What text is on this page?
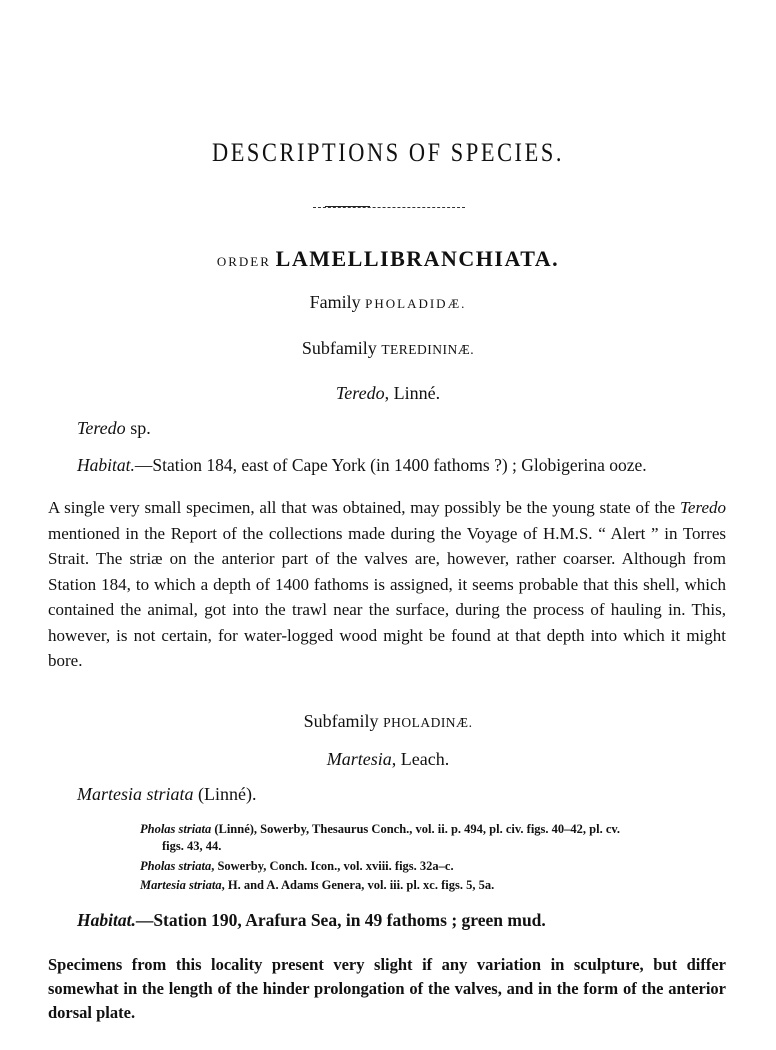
DESCRIPTIONS OF SPECIES.
ORDER LAMELLIBRANCHIATA.
Family PHOLADIDÆ.
Subfamily TEREDININÆ.
Teredo, Linné.
Teredo sp.
Habitat.—Station 184, east of Cape York (in 1400 fathoms ?) ; Globigerina ooze.
A single very small specimen, all that was obtained, may possibly be the young state of the Teredo mentioned in the Report of the collections made during the Voyage of H.M.S. “ Alert ” in Torres Strait. The striæ on the anterior part of the valves are, however, rather coarser. Although from Station 184, to which a depth of 1400 fathoms is assigned, it seems probable that this shell, which contained the animal, got into the trawl near the surface, during the process of hauling in. This, however, is not certain, for water-logged wood might be found at that depth into which it might bore.
Subfamily PHOLADINÆ.
Martesia, Leach.
Martesia striata (Linné).
Pholas striata (Linné), Sowerby, Thesaurus Conch., vol. ii. p. 494, pl. civ. figs. 40–42, pl. cv.
figs. 43, 44.
Pholas striata, Sowerby, Conch. Icon., vol. xviii. figs. 32a–c.
Martesia striata, H. and A. Adams Genera, vol. iii. pl. xc. figs. 5, 5a.
Habitat.—Station 190, Arafura Sea, in 49 fathoms ; green mud.
Specimens from this locality present very slight if any variation in sculpture, but differ somewhat in the length of the hinder prolongation of the valves, and in the form of the anterior dorsal plate.
